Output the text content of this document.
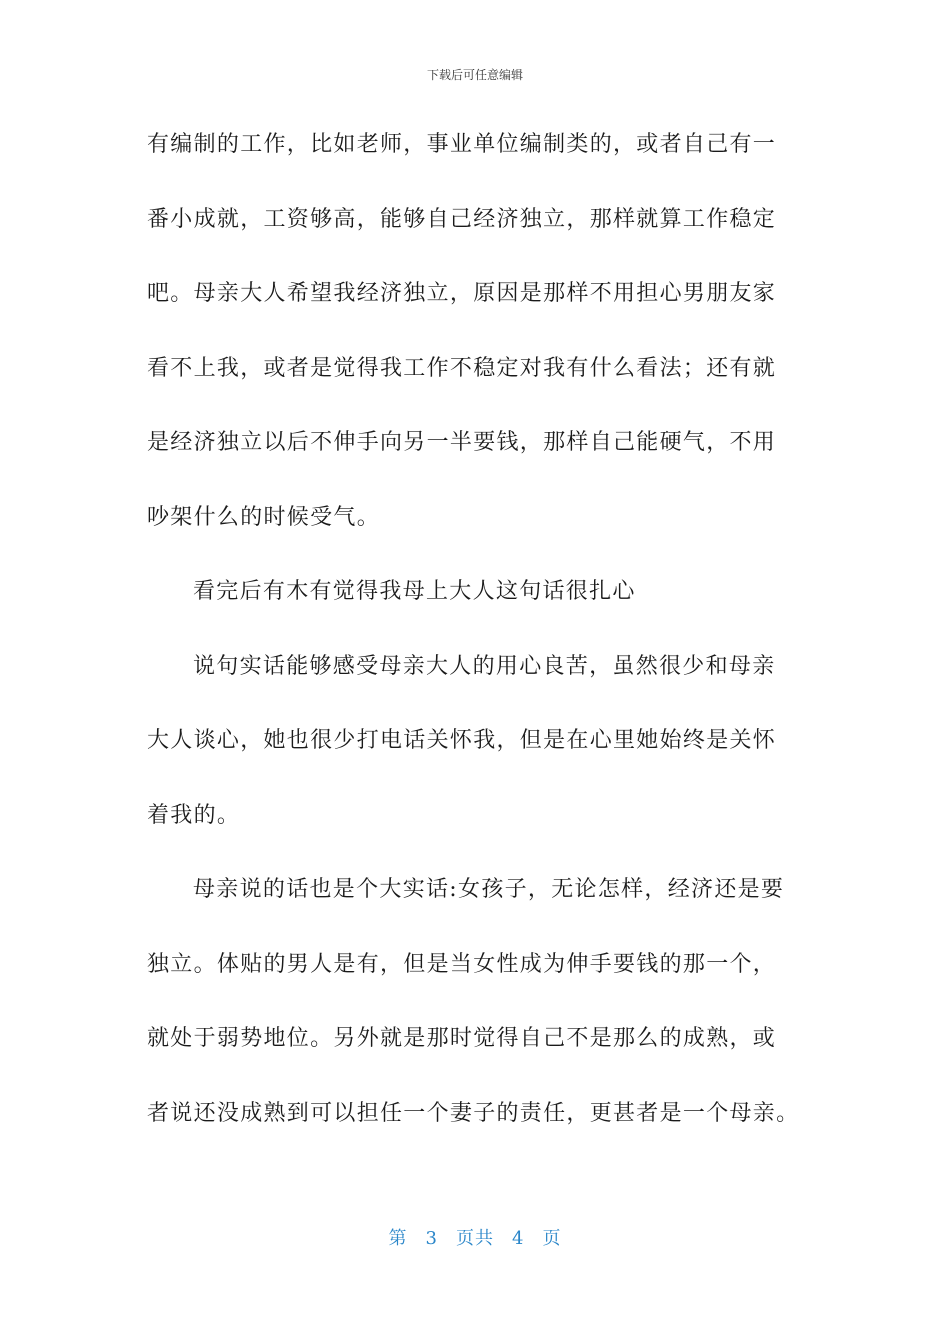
下载后可任意编辑
有编制的工作，比如老师，事业单位编制类的，或者自己有一
番小成就，工资够高，能够自己经济独立，那样就算工作稳定
吧。母亲大人希望我经济独立，原因是那样不用担心男朋友家
看不上我，或者是觉得我工作不稳定对我有什么看法；还有就
是经济独立以后不伸手向另一半要钱，那样自己能硬气，不用
吵架什么的时候受气。
看完后有木有觉得我母上大人这句话很扎心
说句实话能够感受母亲大人的用心良苦，虽然很少和母亲
大人谈心，她也很少打电话关怀我，但是在心里她始终是关怀
着我的。
母亲说的话也是个大实话:女孩子，无论怎样，经济还是要
独立。体贴的男人是有，但是当女性成为伸手要钱的那一个，
就处于弱势地位。另外就是那时觉得自己不是那么的成熟，或
者说还没成熟到可以担任一个妻子的责任，更甚者是一个母亲。
第 3 页共 4 页
